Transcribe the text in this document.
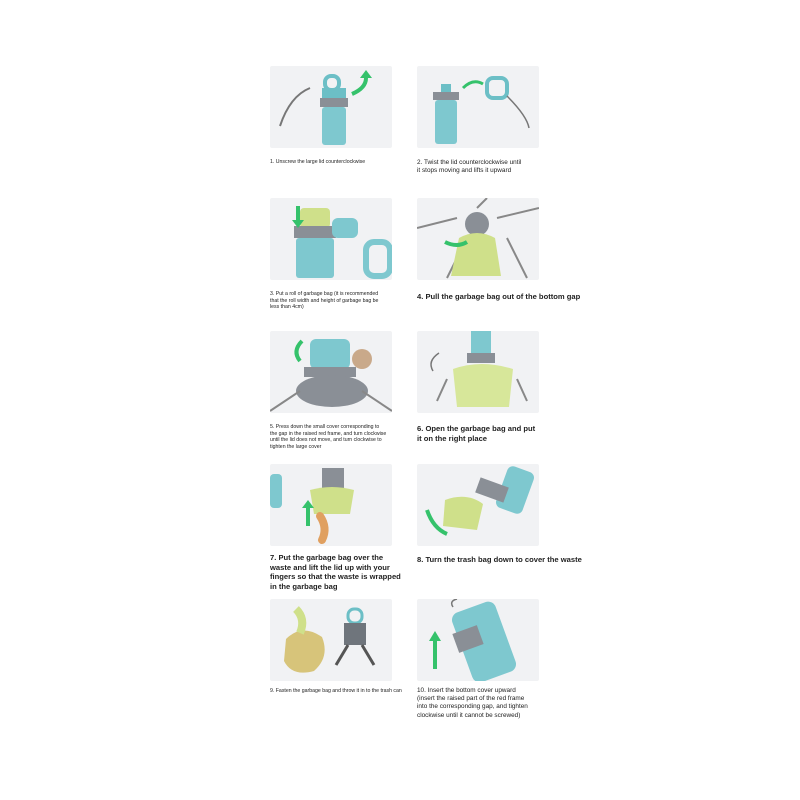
1. Unscrew the large lid counterclockwise	2. Twist the lid counterclockwise until
it stops moving and lifts it upward
3. Put a roll of garbage bag (it is recommended
that the roll width and height of garbage bag be
less than 4cm)
4. Pull the garbage bag out of the bottom gap
5. Press down the small cover corresponding to
the gap in the raised red frame, and turn clockwise
until the lid does not move, and turn clockwise to
tighten the large cover
6. Open the garbage bag and put
it on the right place
7. Put the garbage bag over the
waste and lift the lid up with your
fingers so that the waste is wrapped
in the garbage bag
8. Turn the trash bag down to cover the waste
9. Fasten the garbage bag and throw it in to the trash can	10. Insert the bottom cover upward
(insert the raised part of the red frame
into the corresponding gap, and tighten
clockwise until it cannot be screwed)
